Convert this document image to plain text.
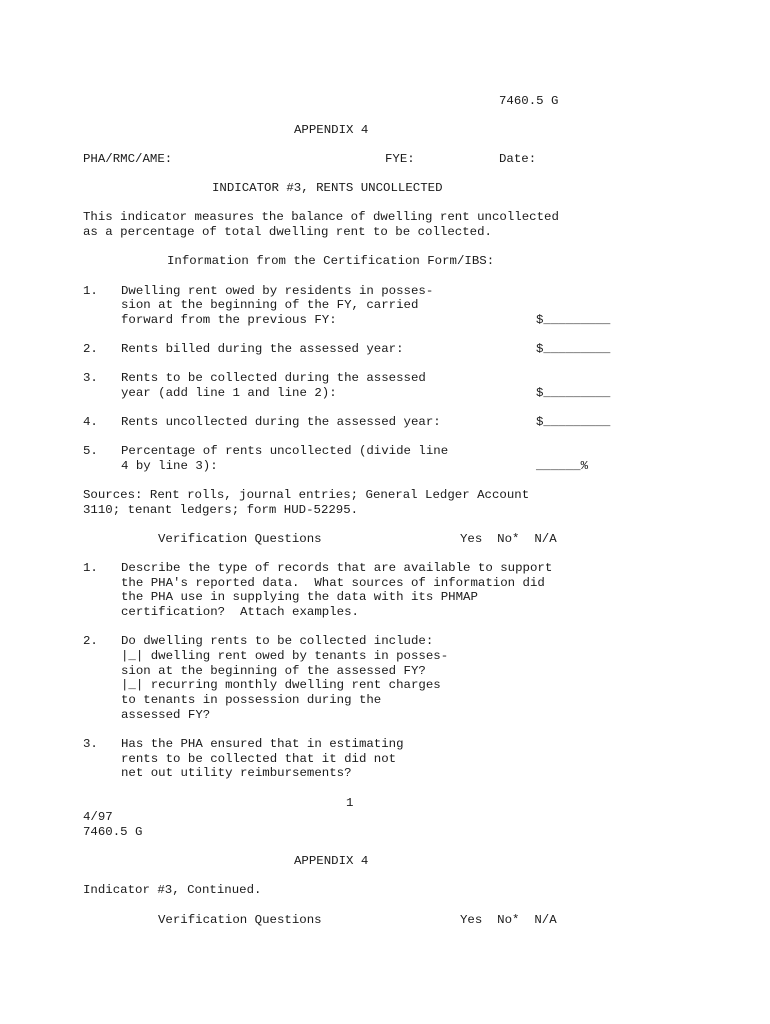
7460.5 G
APPENDIX 4
PHA/RMC/AME:	FYE:	Date:
INDICATOR #3, RENTS UNCOLLECTED
This indicator measures the balance of dwelling rent uncollected
as a percentage of total dwelling rent to be collected.
Information from the Certification Form/IBS:
1. Dwelling rent owed by residents in posses-
sion at the beginning of the FY, carried
forward from the previous FY:	$_________
2. Rents billed during the assessed year:	$_________
3. Rents to be collected during the assessed
year (add line 1 and line 2):	$_________
4. Rents uncollected during the assessed year:	$_________
5. Percentage of rents uncollected (divide line
4 by line 3):	______%
Sources: Rent rolls, journal entries; General Ledger Account
3110; tenant ledgers; form HUD-52295.
Verification Questions	Yes  No*  N/A
1. Describe the type of records that are available to support
the PHA's reported data.  What sources of information did
the PHA use in supplying the data with its PHMAP
certification?  Attach examples.
2. Do dwelling rents to be collected include:
|_| dwelling rent owed by tenants in posses-
sion at the beginning of the assessed FY?
|_| recurring monthly dwelling rent charges
to tenants in possession during the
assessed FY?
3. Has the PHA ensured that in estimating
rents to be collected that it did not
net out utility reimbursements?
1
4/97
7460.5 G
APPENDIX 4
Indicator #3, Continued.
Verification Questions	Yes  No*  N/A
